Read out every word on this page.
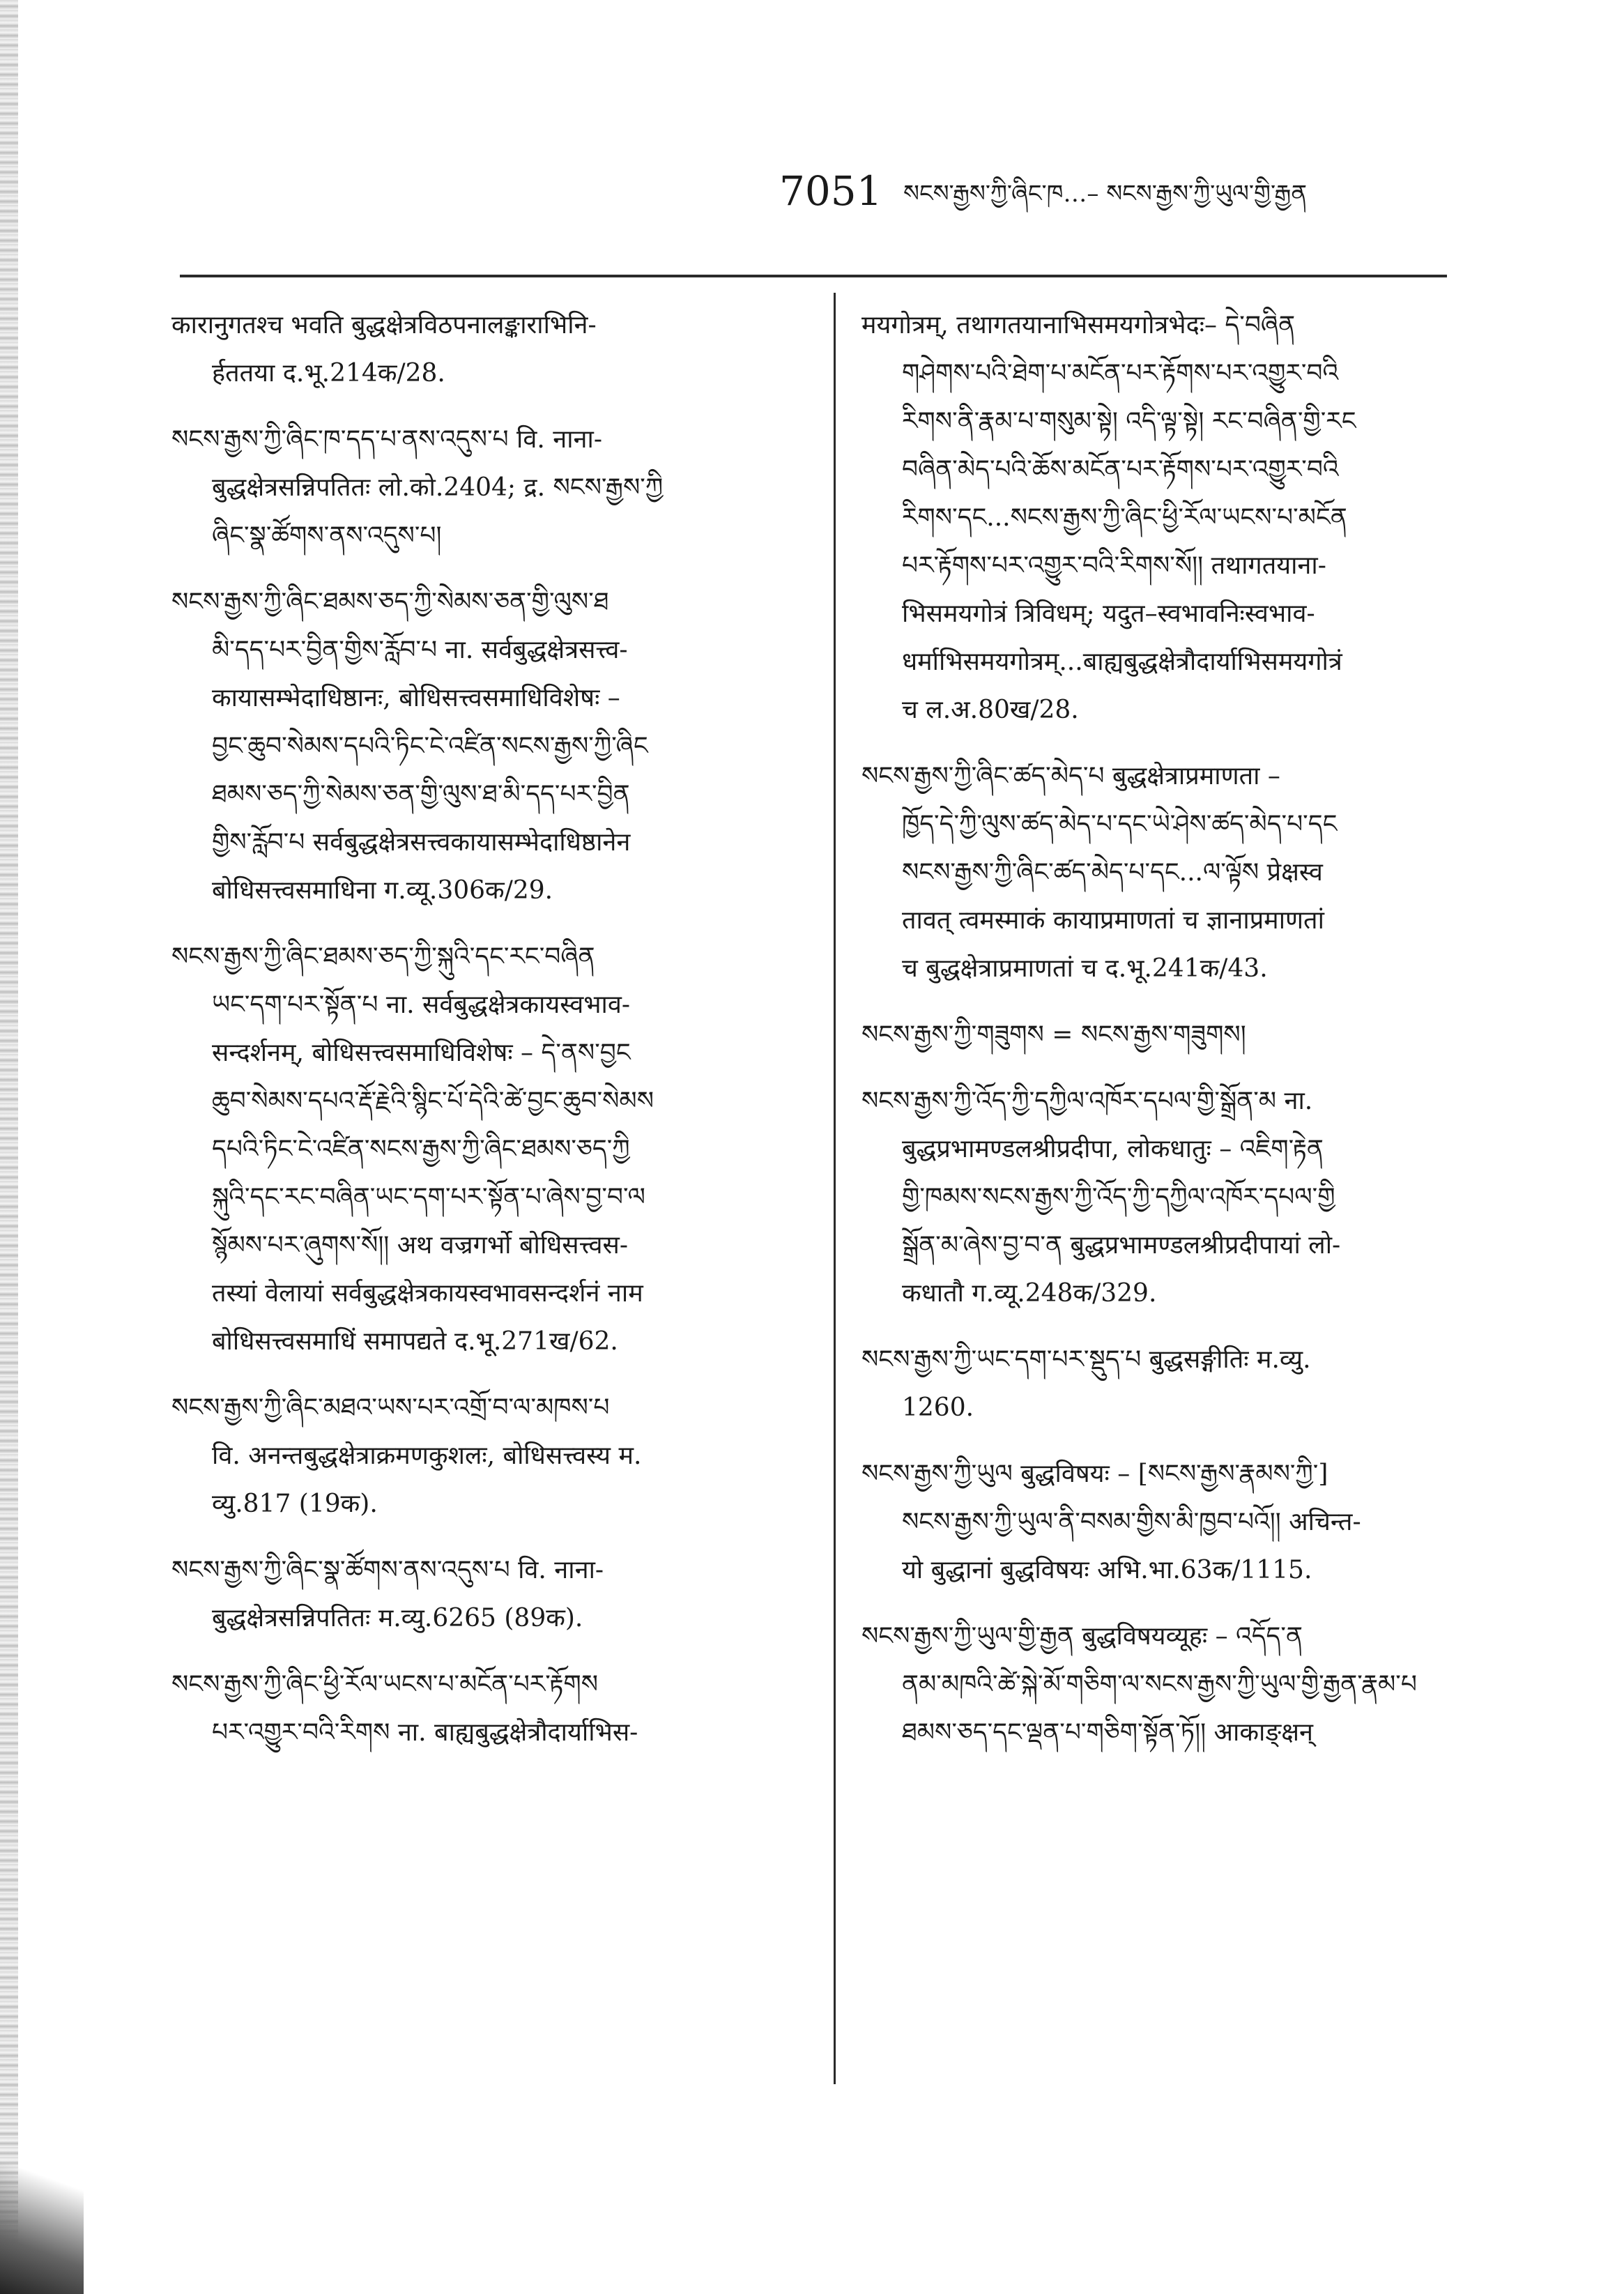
7051 སངས་རྒྱས་ཀྱི་ཞིང་ཁ…– སངས་རྒྱས་ཀྱི་ཡུལ་གྱི་རྒྱན
कारानुगतश्च भवति बुद्धक्षेत्रविठपनालङ्काराभिनि-
र्हततया द.भू.214क/28.
སངས་རྒྱས་ཀྱི་ཞིང་ཁ་དད་པ་ནས་འདུས་པ वि. नाना-
बुद्धक्षेत्रसन्निपतितः लो.को.2404; द्र. སངས་རྒྱས་ཀྱི
ཞིང་སྣ་ཚོགས་ནས་འདུས་པ།
སངས་རྒྱས་ཀྱི་ཞིང་ཐམས་ཅད་ཀྱི་སེམས་ཅན་གྱི་ལུས་ཐ
མི་དད་པར་བྱིན་གྱིས་རློབ་པ ना. सर्वबुद्धक्षेत्रसत्त्व-
कायासम्भेदाधिष्ठानः, बोधिसत्त्वसमाधिविशेषः –
བྱང་ཆུབ་སེམས་དཔའི་ཏིང་ངེ་འཛིན་སངས་རྒྱས་ཀྱི་ཞིང
ཐམས་ཅད་ཀྱི་སེམས་ཅན་གྱི་ལུས་ཐ་མི་དད་པར་བྱིན
གྱིས་རློབ་པ सर्वबुद्धक्षेत्रसत्त्वकायासम्भेदाधिष्ठानेन
बोधिसत्त्वसमाधिना ग.व्यू.306क/29.
སངས་རྒྱས་ཀྱི་ཞིང་ཐམས་ཅད་ཀྱི་སྐུའི་དང་རང་བཞིན
ཡང་དག་པར་སྟོན་པ ना. सर्वबुद्धक्षेत्रकायस्वभाव-
सन्दर्शनम्, बोधिसत्त्वसमाधिविशेषः – དེ་ནས་བྱང
ཆུབ་སེམས་དཔའ་རྡོ་རྗེའི་སྙིང་པོ་དེའི་ཚེ་བྱང་ཆུབ་སེམས
དཔའི་ཏིང་ངེ་འཛིན་སངས་རྒྱས་ཀྱི་ཞིང་ཐམས་ཅད་ཀྱི
སྐུའི་དང་རང་བཞིན་ཡང་དག་པར་སྟོན་པ་ཞེས་བྱ་བ་ལ
སྙོམས་པར་ཞུགས་སོ།། अथ वज्रगर्भो बोधिसत्त्वस-
तस्यां वेलायां सर्वबुद्धक्षेत्रकायस्वभावसन्दर्शनं नाम
बोधिसत्त्वसमाधिं समापद्यते द.भू.271ख/62.
སངས་རྒྱས་ཀྱི་ཞིང་མཐའ་ཡས་པར་འགྲོ་བ་ལ་མཁས་པ
वि. अनन्तबुद्धक्षेत्राक्रमणकुशलः, बोधिसत्त्वस्य म.
व्यु.817 (19क).
སངས་རྒྱས་ཀྱི་ཞིང་སྣ་ཚོགས་ནས་འདུས་པ वि. नाना-
बुद्धक्षेत्रसन्निपतितः म.व्यु.6265 (89क).
སངས་རྒྱས་ཀྱི་ཞིང་ཕྱི་རོལ་ཡངས་པ་མངོན་པར་རྟོགས
པར་འགྱུར་བའི་རིགས ना. बाह्यबुद्धक्षेत्रौदार्याभिस-
मयगोत्रम्, तथागतयानाभिसमयगोत्रभेदः– དེ་བཞིན
གཤེགས་པའི་ཐེག་པ་མངོན་པར་རྟོགས་པར་འགྱུར་བའི
རིགས་ནི་རྣམ་པ་གསུམ་སྟེ། འདི་ལྟ་སྟེ། རང་བཞིན་གྱི་རང
བཞིན་མེད་པའི་ཆོས་མངོན་པར་རྟོགས་པར་འགྱུར་བའི
རིགས་དང...སངས་རྒྱས་ཀྱི་ཞིང་ཕྱི་རོལ་ཡངས་པ་མངོན
པར་རྟོགས་པར་འགྱུར་བའི་རིགས་སོ།། तथागतयाना-
भिसमयगोत्रं त्रिविधम्; यदुत–स्वभावनिःस्वभाव-
धर्माभिसमयगोत्रम्...बाह्यबुद्धक्षेत्रौदार्याभिसमयगोत्रं
च ल.अ.80ख/28.
སངས་རྒྱས་ཀྱི་ཞིང་ཚད་མེད་པ बुद्धक्षेत्राप्रमाणता –
ཁྱོད་དེ་ཀྱི་ལུས་ཚད་མེད་པ་དང་ཡེ་ཤེས་ཚད་མེད་པ་དང
སངས་རྒྱས་ཀྱི་ཞིང་ཚད་མེད་པ་དང...ལ་ལྟོས प्रेक्षस्व
तावत् त्वमस्माकं कायाप्रमाणतां च ज्ञानाप्रमाणतां
च बुद्धक्षेत्राप्रमाणतां च द.भू.241क/43.
སངས་རྒྱས་ཀྱི་གཟུགས = སངས་རྒྱས་གཟུགས།
སངས་རྒྱས་ཀྱི་འོད་ཀྱི་དཀྱིལ་འཁོར་དཔལ་གྱི་སྒྲོན་མ ना.
बुद्धप्रभामण्डलश्रीप्रदीपा, लोकधातुः – འཇིག་རྟེན
གྱི་ཁམས་སངས་རྒྱས་ཀྱི་འོད་ཀྱི་དཀྱིལ་འཁོར་དཔལ་གྱི
སྒྲོན་མ་ཞེས་བྱ་བ་ན बुद्धप्रभामण्डलश्रीप्रदीपायां लो-
कधातौ ग.व्यू.248क/329.
སངས་རྒྱས་ཀྱི་ཡང་དག་པར་སྡུད་པ बुद्धसङ्गीतिः म.व्यु.
1260.
སངས་རྒྱས་ཀྱི་ཡུལ बुद्धविषयः – [སངས་རྒྱས་རྣམས་ཀྱི་]
སངས་རྒྱས་ཀྱི་ཡུལ་ནི་བསམ་གྱིས་མི་ཁྱབ་པའོ།། अचिन्त-
यो बुद्धानां बुद्धविषयः अभि.भा.63क/1115.
སངས་རྒྱས་ཀྱི་ཡུལ་གྱི་རྒྱན बुद्धविषयव्यूहः – འདོད་ན
ནམ་མཁའི་ཚེ་སྐེ་མོ་གཅིག་ལ་སངས་རྒྱས་ཀྱི་ཡུལ་གྱི་རྒྱན་རྣམ་པ
ཐམས་ཅད་དང་ལྡན་པ་གཅིག་སྟོན་ཏོ།། आकाङ्क्षन्
